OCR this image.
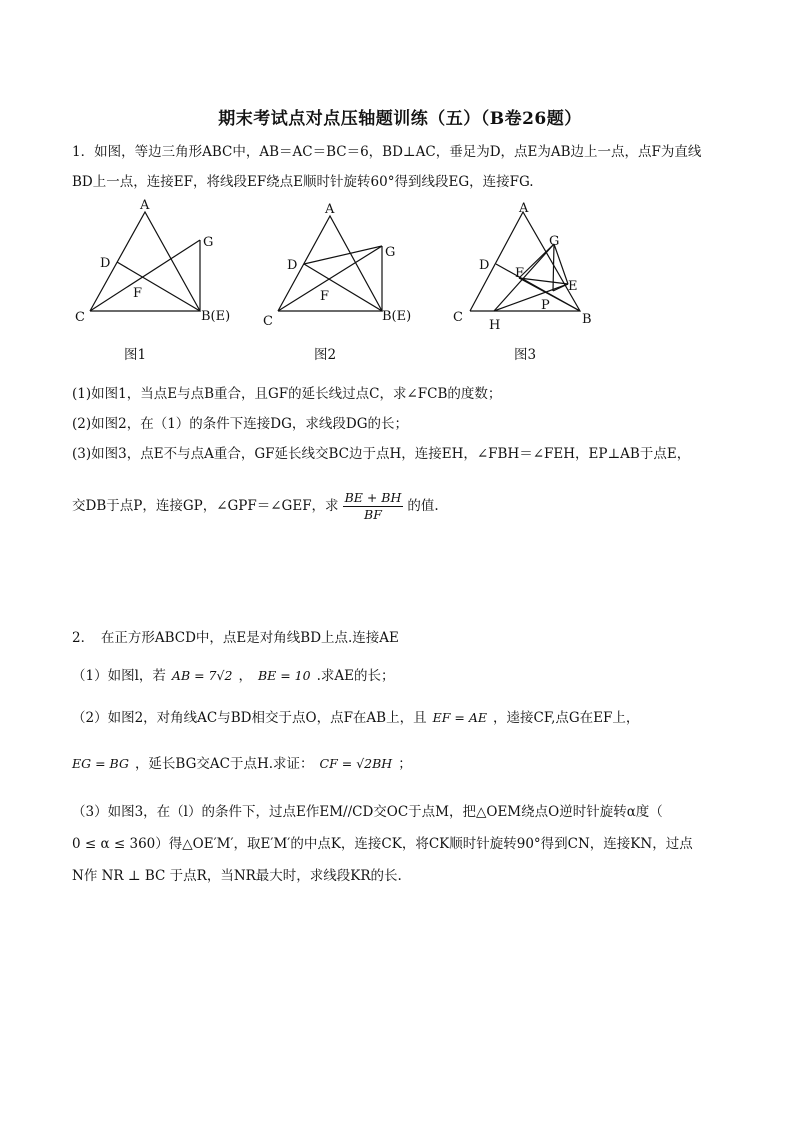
期末考试点对点压轴题训练（五）（B卷26题）
1．如图，等边三角形ABC中，AB＝AC＝BC＝6，BD⊥AC，垂足为D，点E为AB边上一点，点F为直线
BD上一点，连接EF，将线段EF绕点E顺时针旋转60°得到线段EG，连接FG.
A
D
F
G
C	B(E)
A
D
F
G
C	B(E)
A
D
F
G
E
P
C
H	B
图1	图2	图3
(1)如图1，当点E与点B重合，且GF的延长线过点C，求∠FCB的度数；
(2)如图2，在（1）的条件下连接DG，求线段DG的长；
(3)如图3，点E不与点A重合，GF延长线交BC边于点H，连接EH，∠FBH＝∠FEH，EP⊥AB于点E，
交DB于点P，连接GP，∠GPF＝∠GEF，求 $\frac{BE + BH}{BF}$ 的值.
2．　在正方形ABCD中，点E是对角线BD上点.连接AE
（1）如图l，若 AB = 7√2 ， BE = 10 .求AE的长；
（2）如图2，对角线AC与BD相交于点O，点F在AB上，且 EF = AE ，逵接CF,点G在EF上，
EG = BG ，延长BG交AC于点H.求证： CF = √2BH ；
（3）如图3，在（l）的条件下，过点E作EM//CD交OC于点M，把△OEM绕点O逆时针旋转α度（
0 ≤ α ≤ 360）得△OE′M′，取E′M′的中点K，连接CK，将CK顺时针旋转90°得到CN，连接KN，过点
N作 NR ⊥ BC 于点R，当NR最大时，求线段KR的长.
